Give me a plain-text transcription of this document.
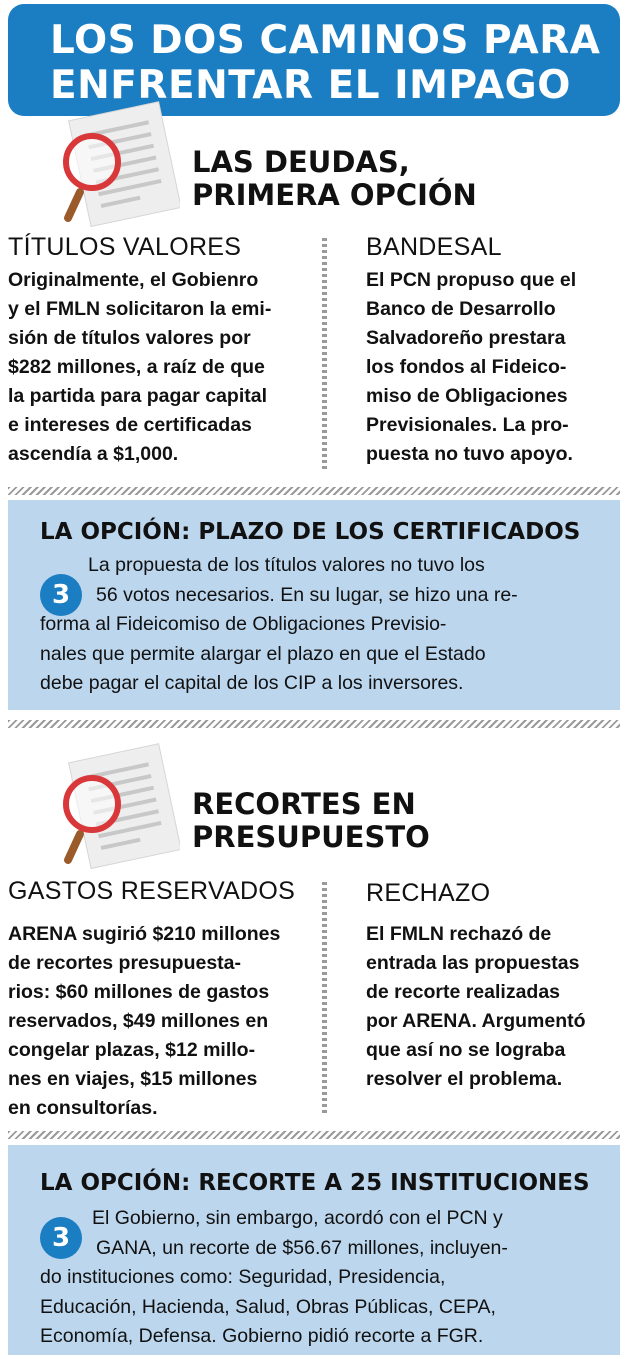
LOS DOS CAMINOS PARA
ENFRENTAR EL IMPAGO
LAS DEUDAS,
PRIMERA OPCIÓN
TÍTULOS VALORES
Originalmente, el Gobienro
y el FMLN solicitaron la emi-
sión de títulos valores por
$282 millones, a raíz de que
la partida para pagar capital
e intereses de certificadas
ascendía a $1,000.
BANDESAL
El PCN propuso que el
Banco de Desarrollo
Salvadoreño prestara
los fondos al Fideico-
miso de Obligaciones
Previsionales. La pro-
puesta no tuvo apoyo.
LA OPCIÓN: PLAZO DE LOS CERTIFICADOS
3
La propuesta de los títulos valores no tuvo los
56 votos necesarios. En su lugar, se hizo una re-
forma al Fideicomiso de Obligaciones Previsio-
nales que permite alargar el plazo en que el Estado
debe pagar el capital de los CIP a los inversores.
RECORTES EN
PRESUPUESTO
GASTOS RESERVADOS
ARENA sugirió $210 millones
de recortes presupuesta-
rios: $60 millones de gastos
reservados, $49 millones en
congelar plazas, $12 millo-
nes en viajes, $15 millones
en consultorías.
RECHAZO
El FMLN rechazó de
entrada las propuestas
de recorte realizadas
por ARENA. Argumentó
que así no se lograba
resolver el problema.
LA OPCIÓN: RECORTE A 25 INSTITUCIONES
3
El Gobierno, sin embargo, acordó con el PCN y
GANA, un recorte de $56.67 millones, incluyen-
do instituciones como: Seguridad, Presidencia,
Educación, Hacienda, Salud, Obras Públicas, CEPA,
Economía, Defensa. Gobierno pidió recorte a FGR.
